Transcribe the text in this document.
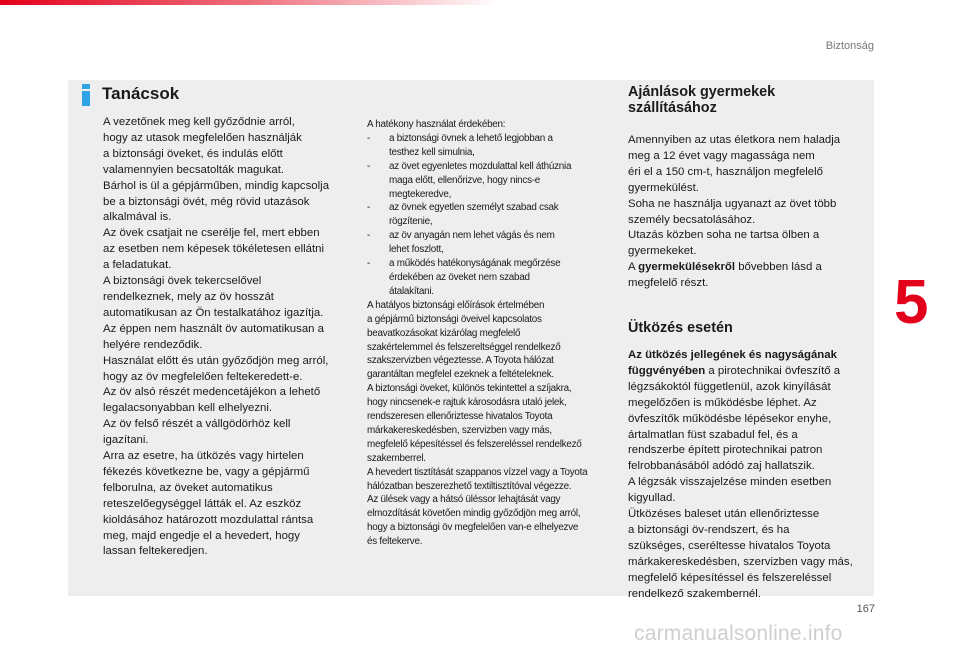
Biztonság
Tanácsok

A vezetőnek meg kell győződnie arról,

hogy az utasok megfelelően használják

a biztonsági öveket, és indulás előtt

valamennyien becsatolták magukat.

Bárhol is ül a gépjárműben, mindig kapcsolja

be a biztonsági övét, még rövid utazások

alkalmával is.

Az övek csatjait ne cserélje fel, mert ebben

az esetben nem képesek tökéletesen ellátni

a feladatukat.

A biztonsági övek tekercselővel

rendelkeznek, mely az öv hosszát

automatikusan az Ön testalkatához igazítja.

Az éppen nem használt öv automatikusan a

helyére rendeződik.

Használat előtt és után győződjön meg arról,

hogy az öv megfelelően feltekeredett-e.

Az öv alsó részét medencetájékon a lehető

legalacsonyabban kell elhelyezni.

Az öv felső részét a vállgödörhöz kell

igazítani.

Arra az esetre, ha ütközés vagy hirtelen

fékezés következne be, vagy a gépjármű

felborulna, az öveket automatikus

reteszelőegységgel látták el. Az eszköz

kioldásához határozott mozdulattal rántsa

meg, majd engedje el a hevedert, hogy

lassan feltekeredjen.

A hatékony használat érdekében:

-	a biztonsági övnek a lehető legjobban a
testhez kell simulnia,
-	az övet egyenletes mozdulattal kell áthúznia
maga előtt, ellenőrizve, hogy nincs-e
megtekeredve,
-	az övnek egyetlen személyt szabad csak
rögzítenie,
-	az öv anyagán nem lehet vágás és nem
lehet foszlott,
-	a működés hatékonyságának megőrzése
érdekében az öveket nem szabad
átalakítani.

A hatályos biztonsági előírások értelmében

a gépjármű biztonsági öveivel kapcsolatos

beavatkozásokat kizárólag megfelelő

szakértelemmel és felszereltséggel rendelkező

szakszervizben végeztesse. A Toyota hálózat

garantáltan megfelel ezeknek a feltételeknek.

A biztonsági öveket, különös tekintettel a szíjakra,

hogy nincsenek-e rajtuk károsodásra utaló jelek,

rendszeresen ellenőriztesse hivatalos Toyota

márkakereskedésben, szervizben vagy más,

megfelelő képesítéssel és felszereléssel rendelkező

szakemberrel.

A hevedert tisztítását szappanos vízzel vagy a Toyota

hálózatban beszerezhető textiltisztítóval végezze.

Az ülések vagy a hátsó üléssor lehajtását vagy

elmozdítását követően mindig győződjön meg arról,

hogy a biztonsági öv megfelelően van-e elhelyezve

és feltekerve.

Ajánlások gyermekek
szállításához

Amennyiben az utas életkora nem haladja

meg a 12 évet vagy magassága nem

éri el a 150 cm-t, használjon megfelelő

gyermekülést.

Soha ne használja ugyanazt az övet több

személy becsatolásához.

Utazás közben soha ne tartsa ölben a

gyermekeket.

A gyermekülésekről bővebben lásd a

megfelelő részt.

Ütközés esetén

Az ütközés jellegének és nagyságának

függvényében a pirotechnikai övfeszítő a

légzsákoktól függetlenül, azok kinyílását

megelőzően is működésbe léphet. Az

övfeszítők működésbe lépésekor enyhe,

ártalmatlan füst szabadul fel, és a

rendszerbe épített pirotechnikai patron

felrobbanásából adódó zaj hallatszik.

A légzsák visszajelzése minden esetben

kigyullad.

Ütközéses baleset után ellenőriztesse

a biztonsági öv-rendszert, és ha

szükséges, cseréltesse hivatalos Toyota

márkakereskedésben, szervizben vagy más,

megfelelő képesítéssel és felszereléssel

rendelkező szakembernél.

5
167
carmanualsonline.info
